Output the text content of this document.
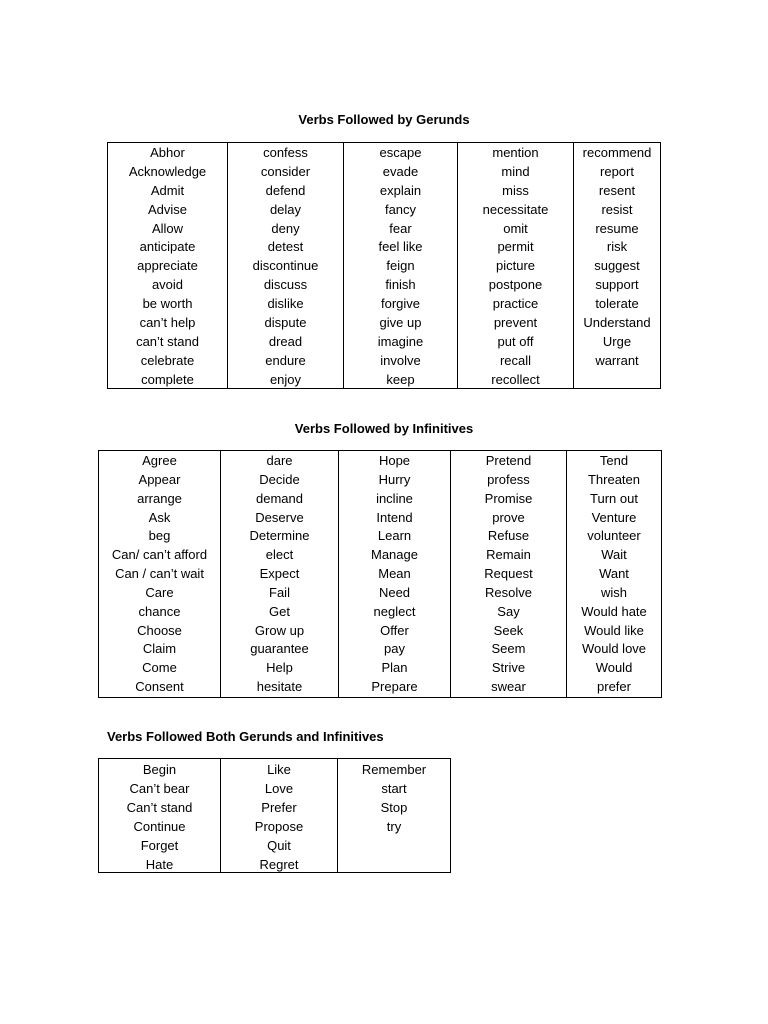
Verbs Followed by Gerunds
Abhor
Acknowledge
Admit
Advise
Allow
anticipate
appreciate
avoid
be worth
can’t help
can’t stand
celebrate
complete
confess
consider
defend
delay
deny
detest
discontinue
discuss
dislike
dispute
dread
endure
enjoy
escape
evade
explain
fancy
fear
feel like
feign
finish
forgive
give up
imagine
involve
keep
mention
mind
miss
necessitate
omit
permit
picture
postpone
practice
prevent
put off
recall
recollect
recommend
report
resent
resist
resume
risk
suggest
support
tolerate
Understand
Urge
warrant
Verbs Followed by Infinitives
Agree
Appear
arrange
Ask
beg
Can/ can’t afford
Can / can’t wait
Care
chance
Choose
Claim
Come
Consent
dare
Decide
demand
Deserve
Determine
elect
Expect
Fail
Get
Grow up
guarantee
Help
hesitate
Hope
Hurry
incline
Intend
Learn
Manage
Mean
Need
neglect
Offer
pay
Plan
Prepare
Pretend
profess
Promise
prove
Refuse
Remain
Request
Resolve
Say
Seek
Seem
Strive
swear
Tend
Threaten
Turn out
Venture
volunteer
Wait
Want
wish
Would hate
Would like
Would love
Would
prefer
Verbs Followed Both Gerunds and Infinitives
Begin
Can’t bear
Can’t stand
Continue
Forget
Hate
Like
Love
Prefer
Propose
Quit
Regret
Remember
start
Stop
try
